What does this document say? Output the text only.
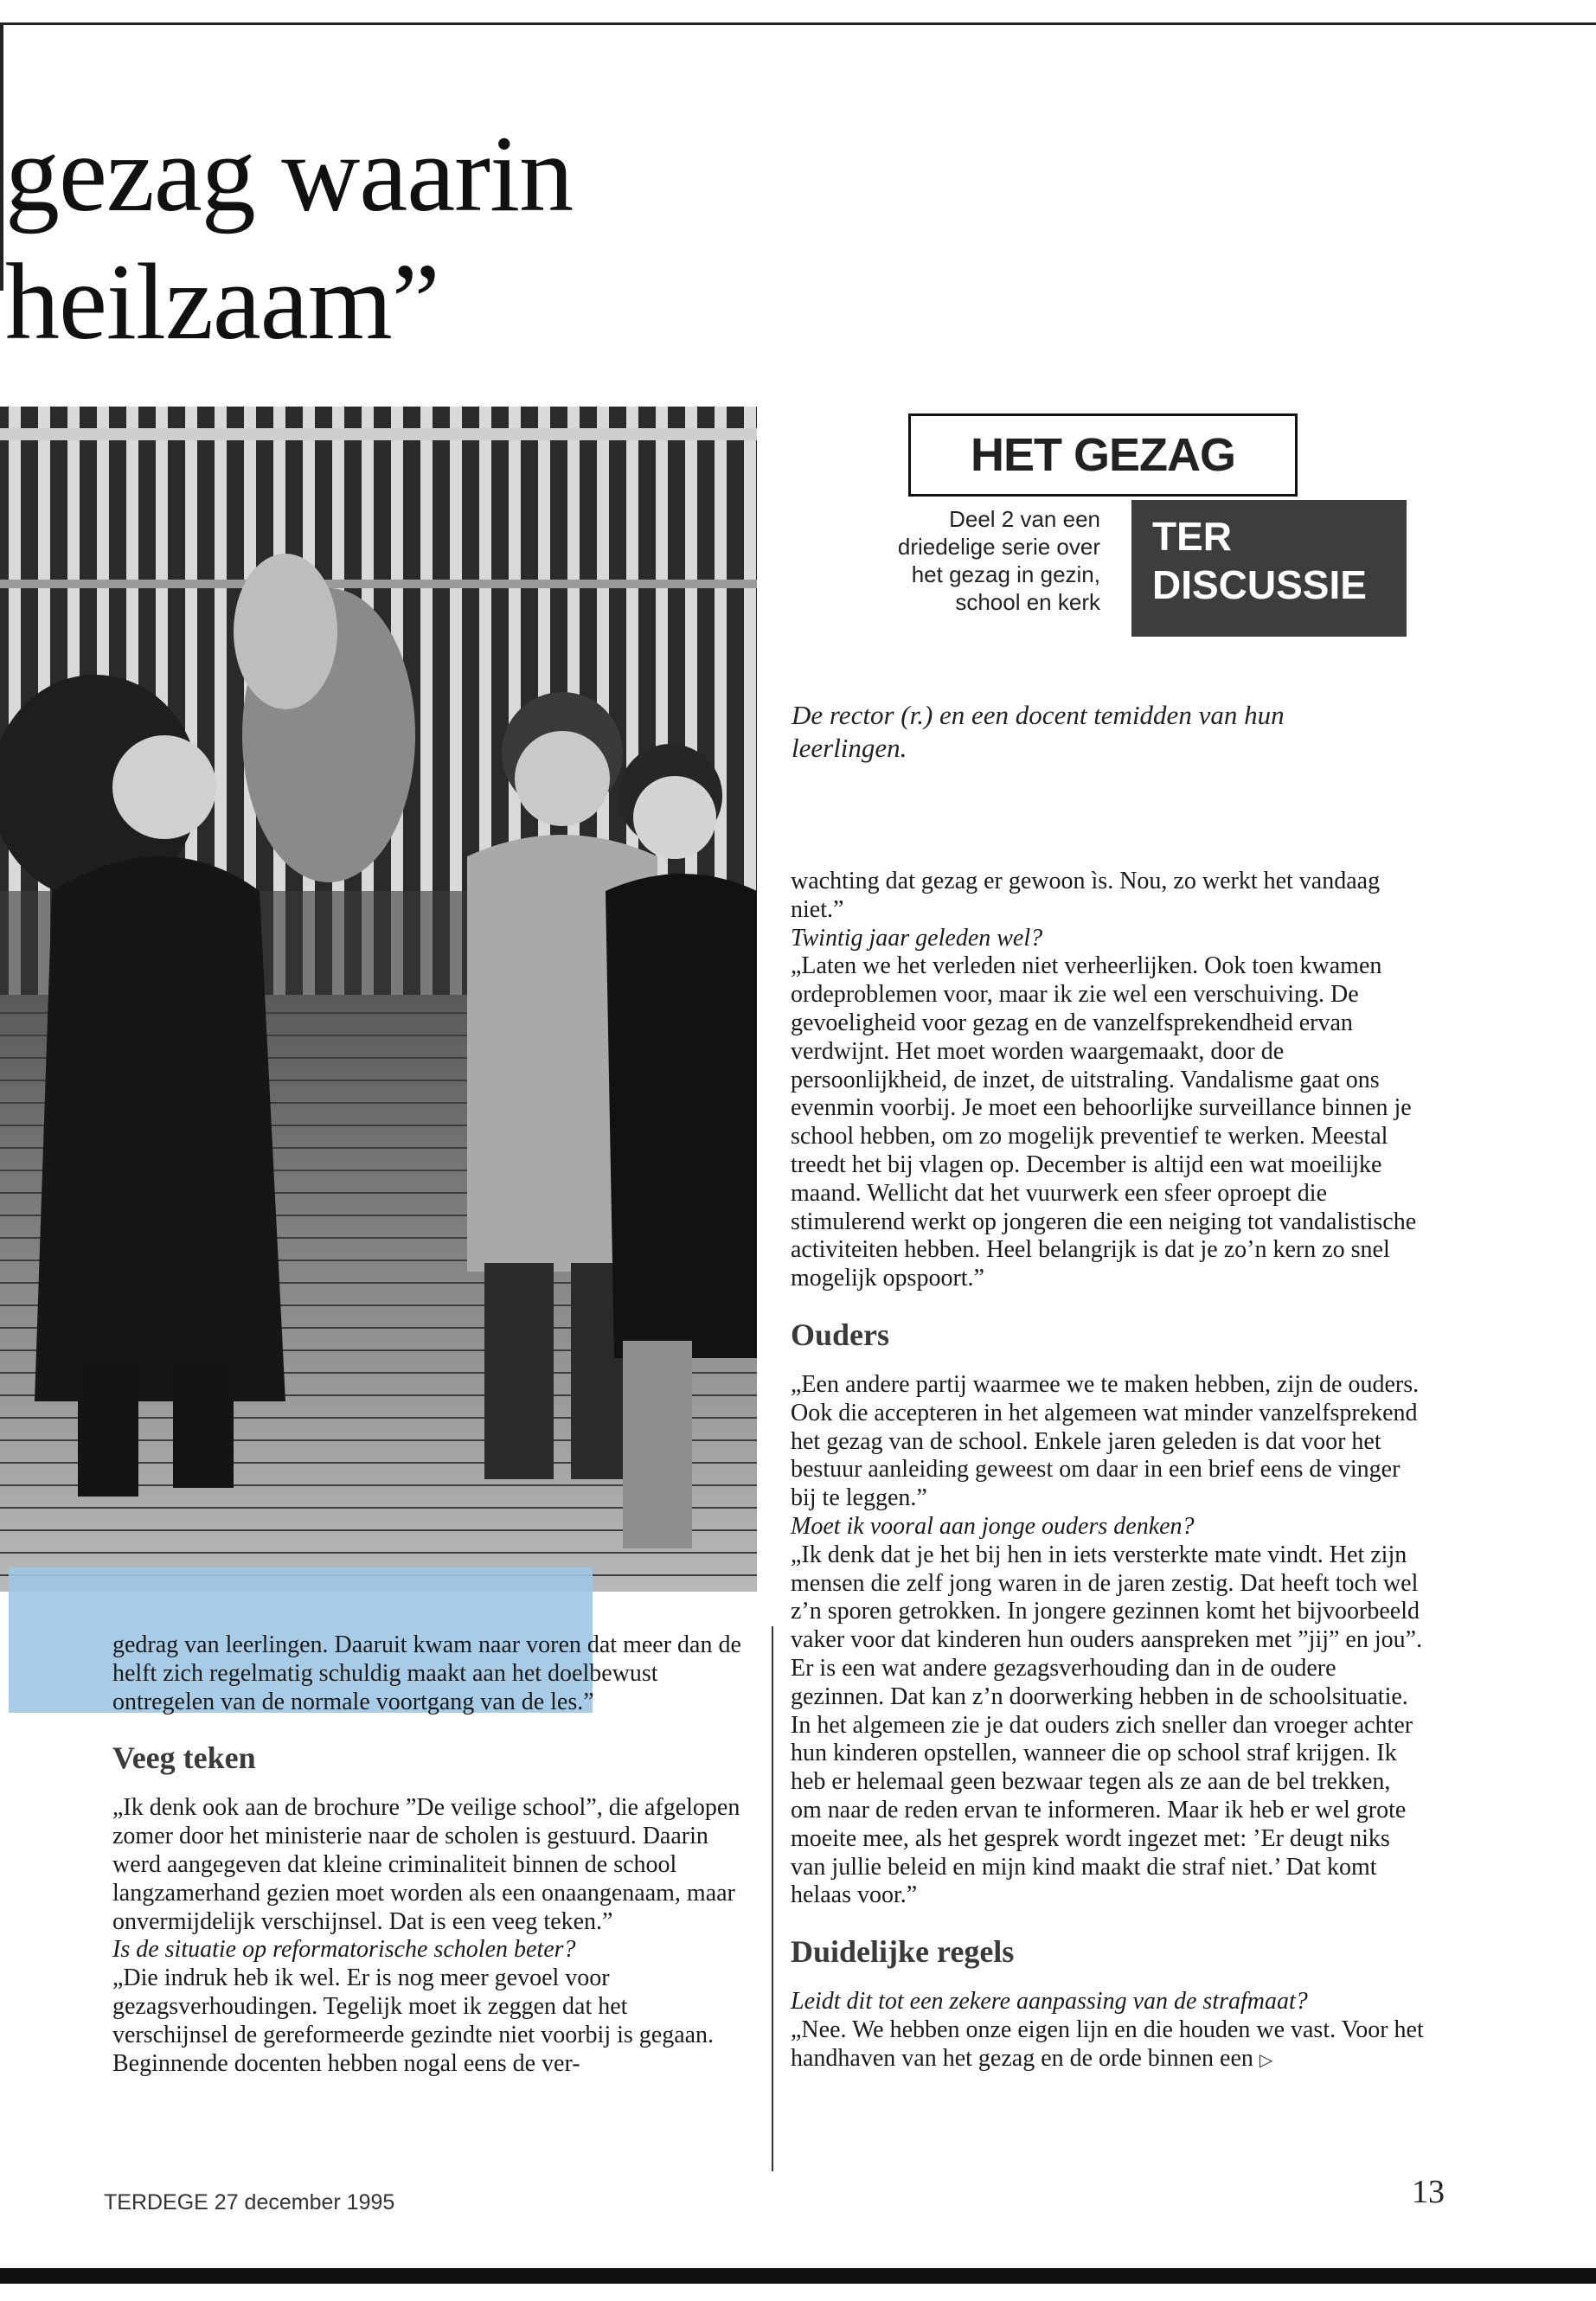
gezag waarin
heilzaam”
HET GEZAG
Deel 2 van een
driedelige serie over
het gezag in gezin,
school en kerk
TER
DISCUSSIE
De rector (r.) en een docent temidden van hun leerlingen.

gedrag van leerlingen. Daaruit kwam naar voren dat meer dan de helft zich regelmatig schuldig maakt aan het doelbewust ontregelen van de normale voortgang van de les.”

Veeg teken

„Ik denk ook aan de brochure ”De veilige school”, die afgelopen zomer door het ministerie naar de scholen is gestuurd. Daarin werd aangegeven dat kleine criminaliteit binnen de school langzamerhand gezien moet worden als een onaangenaam, maar onvermijdelijk verschijnsel. Dat is een veeg teken.”

Is de situatie op reformatorische scholen beter?

„Die indruk heb ik wel. Er is nog meer gevoel voor gezagsverhoudingen. Tegelijk moet ik zeggen dat het verschijnsel de gereformeerde gezindte niet voorbij is gegaan. Beginnende docenten hebben nogal eens de ver-

wachting dat gezag er gewoon ìs. Nou, zo werkt het vandaag niet.”

Twintig jaar geleden wel?

„Laten we het verleden niet verheerlijken. Ook toen kwamen ordeproblemen voor, maar ik zie wel een verschuiving. De gevoeligheid voor gezag en de vanzelfsprekendheid ervan verdwijnt. Het moet worden waargemaakt, door de persoonlijkheid, de inzet, de uitstraling. Vandalisme gaat ons evenmin voorbij. Je moet een behoorlijke surveillance binnen je school hebben, om zo mogelijk preventief te werken. Meestal treedt het bij vlagen op. December is altijd een wat moeilijke maand. Wellicht dat het vuurwerk een sfeer oproept die stimulerend werkt op jongeren die een neiging tot vandalistische activiteiten hebben. Heel belangrijk is dat je zo’n kern zo snel mogelijk opspoort.”

Ouders

„Een andere partij waarmee we te maken hebben, zijn de ouders. Ook die accepteren in het algemeen wat minder vanzelfsprekend het gezag van de school. Enkele jaren geleden is dat voor het bestuur aanleiding geweest om daar in een brief eens de vinger bij te leggen.”

Moet ik vooral aan jonge ouders denken?

„Ik denk dat je het bij hen in iets versterkte mate vindt. Het zijn mensen die zelf jong waren in de jaren zestig. Dat heeft toch wel z’n sporen getrokken. In jongere gezinnen komt het bijvoorbeeld vaker voor dat kinderen hun ouders aanspreken met ”jij” en jou”. Er is een wat andere gezagsverhouding dan in de oudere gezinnen. Dat kan z’n doorwerking hebben in de schoolsituatie.

In het algemeen zie je dat ouders zich sneller dan vroeger achter hun kinderen opstellen, wanneer die op school straf krijgen. Ik heb er helemaal geen bezwaar tegen als ze aan de bel trekken, om naar de reden ervan te informeren. Maar ik heb er wel grote moeite mee, als het gesprek wordt ingezet met: ’Er deugt niks van jullie beleid en mijn kind maakt die straf niet.’ Dat komt helaas voor.”

Duidelijke regels

Leidt dit tot een zekere aanpassing van de strafmaat?

„Nee. We hebben onze eigen lijn en die houden we vast. Voor het handhaven van het gezag en de orde binnen een ▷

TERDEGE 27 december 1995	13
